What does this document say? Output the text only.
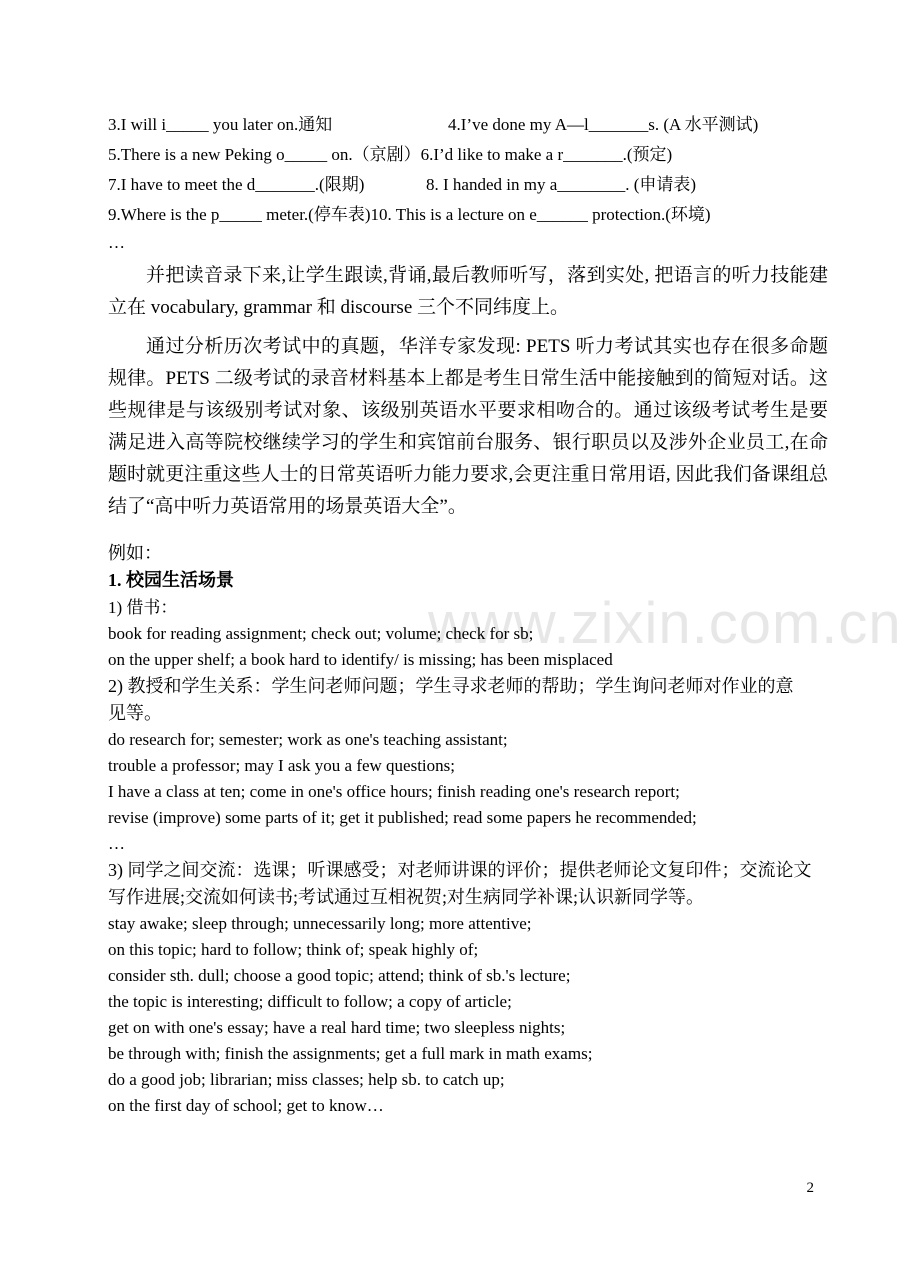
3.I will i_____ you later on.通知	4.I’ve done my A—l_______s. (A 水平测试)
5.There is a new Peking o_____ on.（京剧）6.I’d like to make a r_______.(预定)
7.I have to meet the d_______.(限期)	8. I handed in my a________. (申请表)
9.Where is the p_____ meter.(停车表)10. This is a lecture on e______ protection.(环境)
…
并把读音录下来,让学生跟读,背诵,最后教师听写，落到实处, 把语言的听力技能建立在 vocabulary, grammar 和 discourse 三个不同纬度上。
通过分析历次考试中的真题，华洋专家发现: PETS 听力考试其实也存在很多命题规律。PETS 二级考试的录音材料基本上都是考生日常生活中能接触到的简短对话。这些规律是与该级别考试对象、该级别英语水平要求相吻合的。通过该级考试考生是要满足进入高等院校继续学习的学生和宾馆前台服务、银行职员以及涉外企业员工,在命题时就更注重这些人士的日常英语听力能力要求,会更注重日常用语, 因此我们备课组总结了“高中听力英语常用的场景英语大全”。
例如：
1. 校园生活场景
1) 借书：
book for reading assignment; check out; volume; check for sb;
on the upper shelf; a book hard to identify/ is missing; has been misplaced
2) 教授和学生关系：学生问老师问题；学生寻求老师的帮助；学生询问老师对作业的意见等。
do research for; semester; work as one's teaching assistant;
trouble a professor; may I ask you a few questions;
I have a class at ten; come in one's office hours; finish reading one's research report;
revise (improve) some parts of it; get it published; read some papers he recommended;
…
3) 同学之间交流：选课；听课感受；对老师讲课的评价；提供老师论文复印件；交流论文写作进展;交流如何读书;考试通过互相祝贺;对生病同学补课;认识新同学等。
stay awake; sleep through; unnecessarily long; more attentive;
on this topic; hard to follow; think of; speak highly of;
consider sth. dull; choose a good topic; attend; think of sb.'s lecture;
the topic is interesting; difficult to follow; a copy of article;
get on with one's essay; have a real hard time; two sleepless nights;
be through with; finish the assignments; get a full mark in math exams;
do a good job; librarian; miss classes; help sb. to catch up;
on the first day of school; get to know…
www.zixin.com.cn
2
